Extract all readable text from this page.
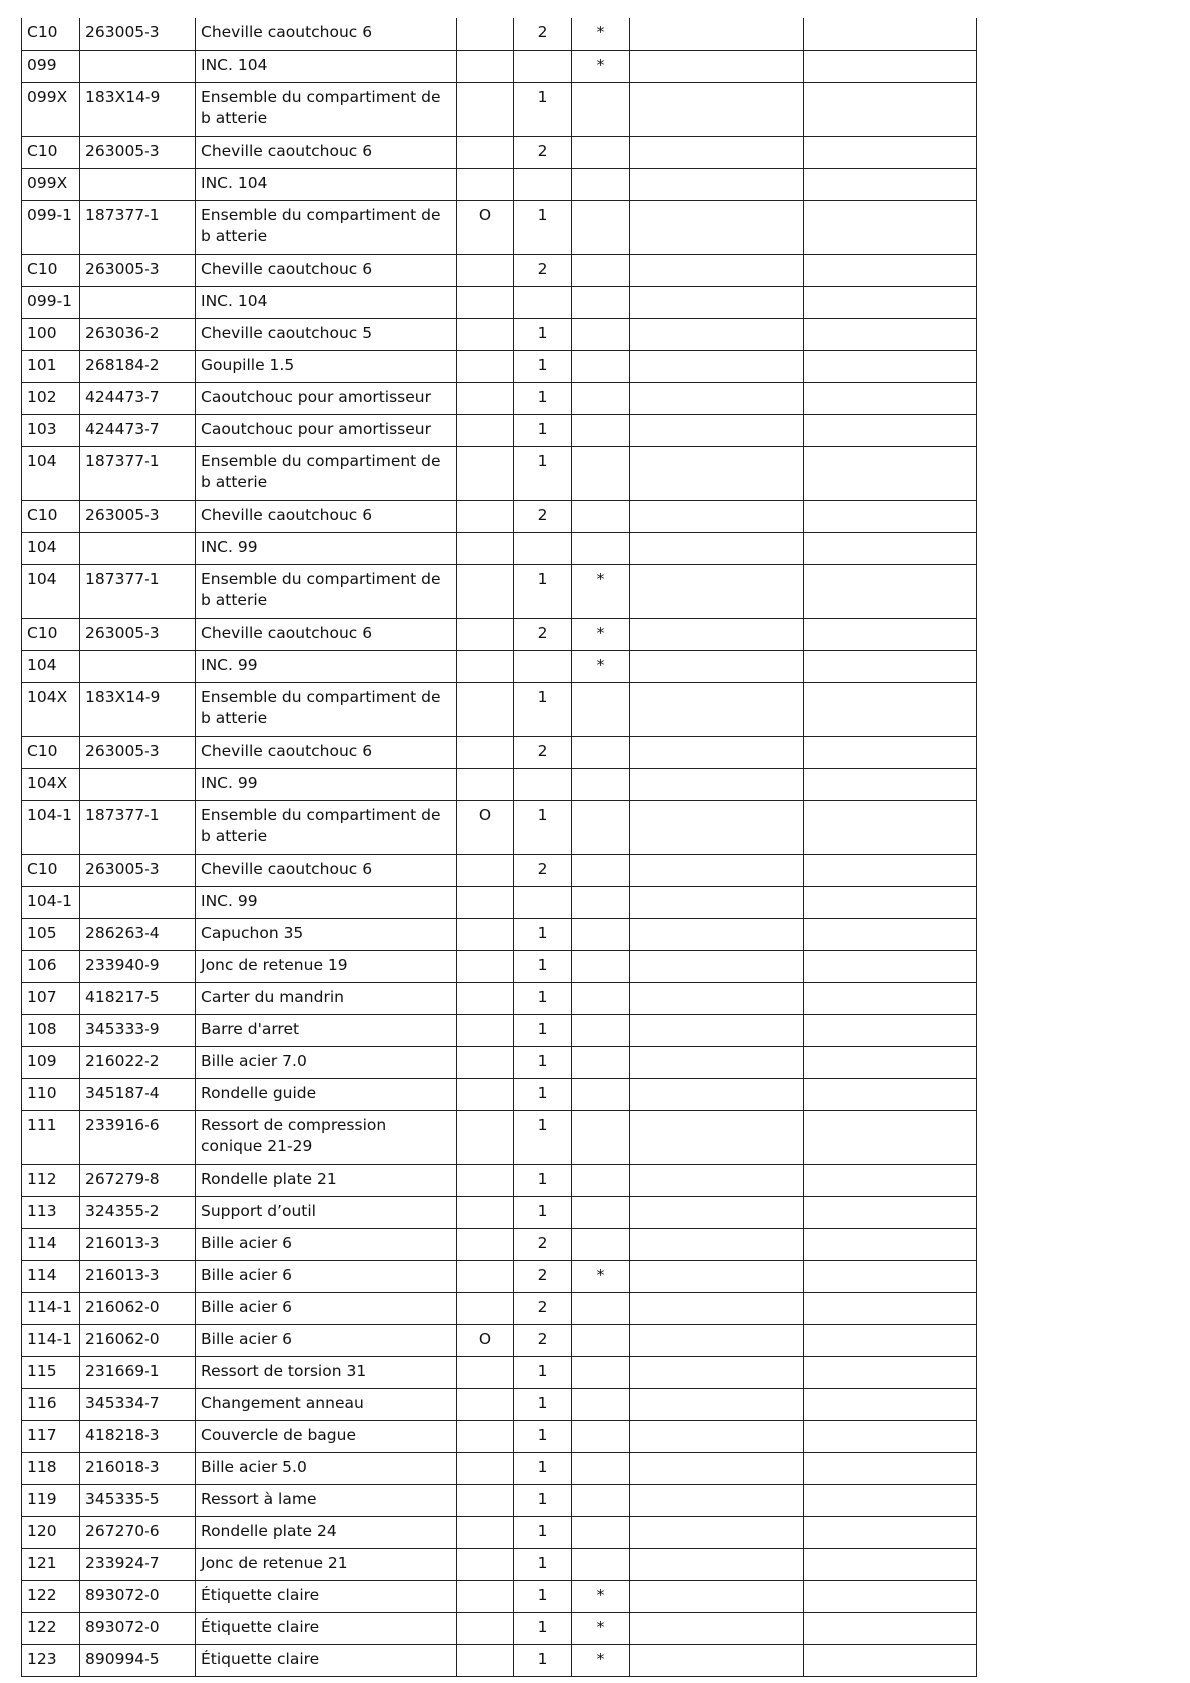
C10	263005-3	Cheville caoutchouc 6		2	*		
099		INC. 104			*		
099X	183X14-9	Ensemble du compartiment de b atterie		1			
C10	263005-3	Cheville caoutchouc 6		2			
099X		INC. 104					
099-1	187377-1	Ensemble du compartiment de b atterie	O	1			
C10	263005-3	Cheville caoutchouc 6		2			
099-1		INC. 104					
100	263036-2	Cheville caoutchouc 5		1			
101	268184-2	Goupille 1.5		1			
102	424473-7	Caoutchouc pour amortisseur		1			
103	424473-7	Caoutchouc pour amortisseur		1			
104	187377-1	Ensemble du compartiment de b atterie		1			
C10	263005-3	Cheville caoutchouc 6		2			
104		INC. 99					
104	187377-1	Ensemble du compartiment de b atterie		1	*		
C10	263005-3	Cheville caoutchouc 6		2	*		
104		INC. 99			*		
104X	183X14-9	Ensemble du compartiment de b atterie		1			
C10	263005-3	Cheville caoutchouc 6		2			
104X		INC. 99					
104-1	187377-1	Ensemble du compartiment de b atterie	O	1			
C10	263005-3	Cheville caoutchouc 6		2			
104-1		INC. 99					
105	286263-4	Capuchon 35		1			
106	233940-9	Jonc de retenue 19		1			
107	418217-5	Carter du mandrin		1			
108	345333-9	Barre d'arret		1			
109	216022-2	Bille acier 7.0		1			
110	345187-4	Rondelle guide		1			
111	233916-6	Ressort de compression conique 21-29		1			
112	267279-8	Rondelle plate 21		1			
113	324355-2	Support d’outil		1			
114	216013-3	Bille acier 6		2			
114	216013-3	Bille acier 6		2	*		
114-1	216062-0	Bille acier 6		2			
114-1	216062-0	Bille acier 6	O	2			
115	231669-1	Ressort de torsion 31		1			
116	345334-7	Changement anneau		1			
117	418218-3	Couvercle de bague		1			
118	216018-3	Bille acier 5.0		1			
119	345335-5	Ressort à lame		1			
120	267270-6	Rondelle plate 24		1			
121	233924-7	Jonc de retenue 21		1			
122	893072-0	Étiquette claire		1	*		
122	893072-0	Étiquette claire		1	*		
123	890994-5	Étiquette claire		1	*		
